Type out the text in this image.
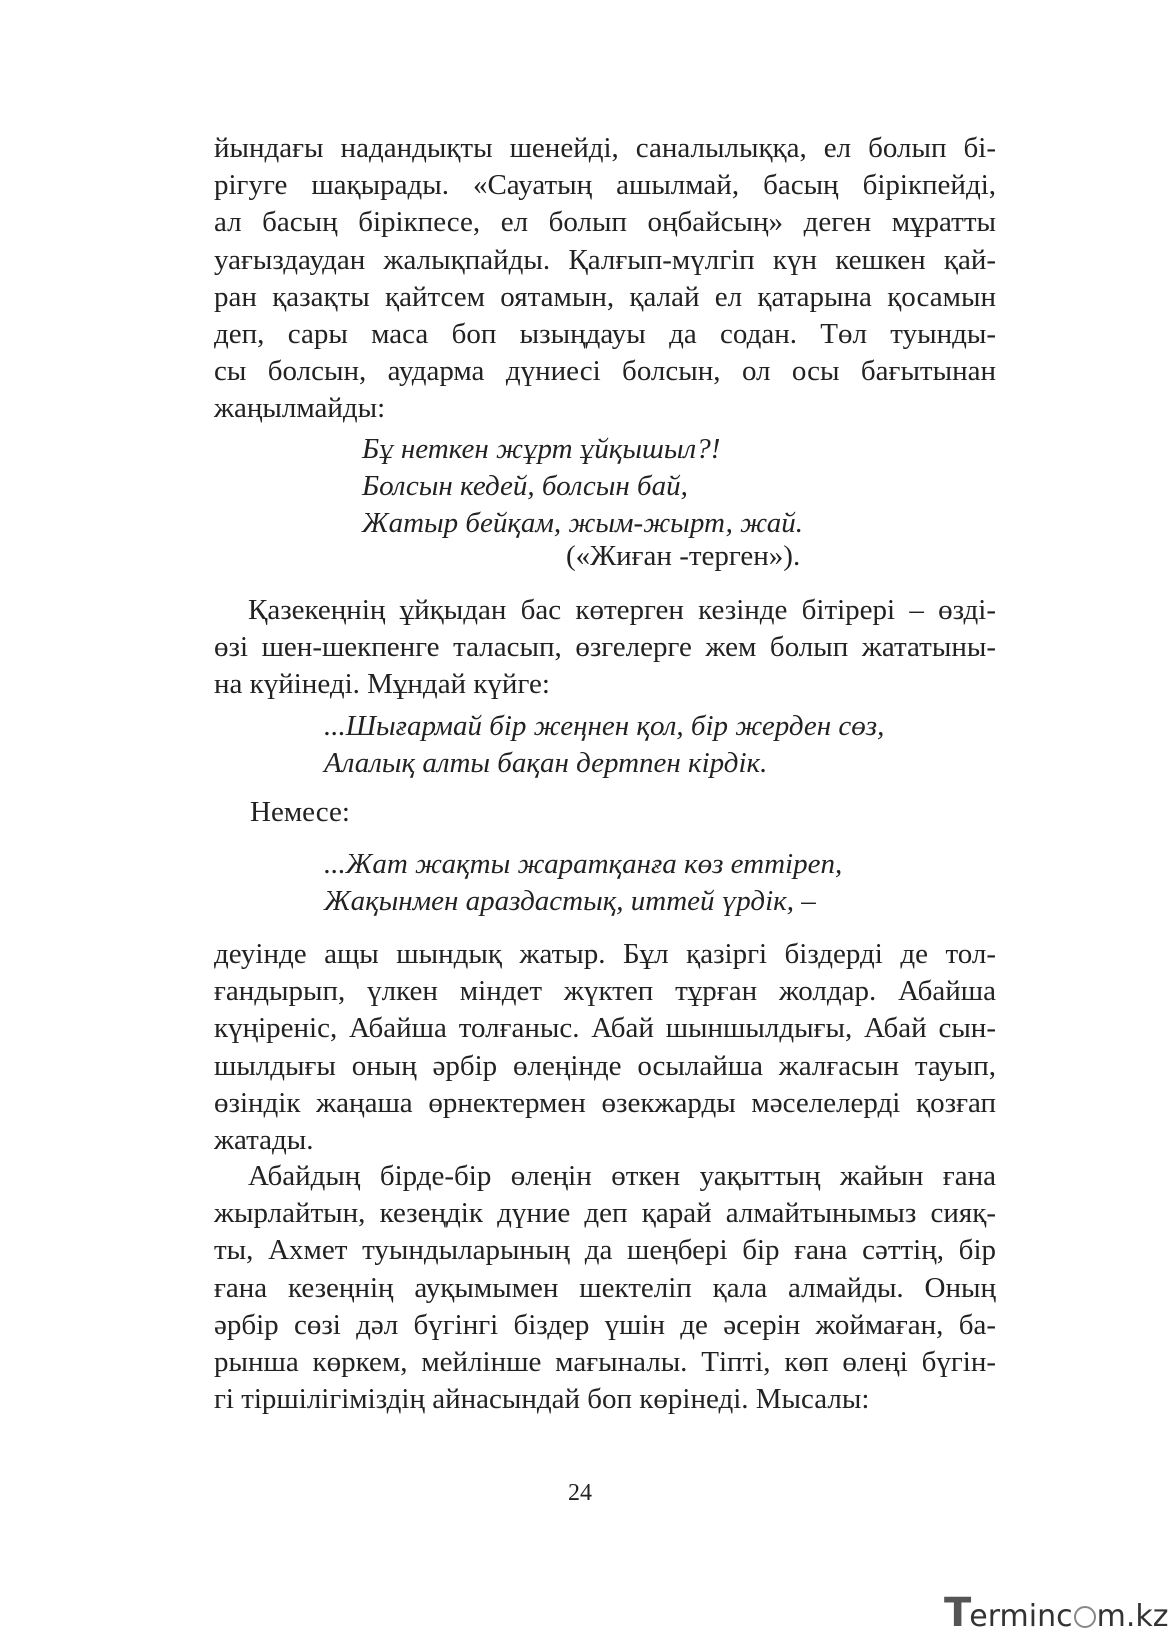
йындағы надандықты шенейді, саналылыққа, ел болып бі-
рігуге шақырады. «Сауатың ашылмай, басың бірікпейді,
ал басың бірікпесе, ел болып оңбайсың» деген мұратты
уағыздаудан жалықпайды. Қалғып-мүлгіп күн кешкен қай-
ран қазақты қайтсем оятамын, қалай ел қатарына қосамын
деп, сары маса боп ызыңдауы да содан. Төл туынды-
сы болсын, аударма дүниесі болсын, ол осы бағытынан
жаңылмайды:
Бұ неткен жұрт ұйқышыл?!
Болсын кедей, болсын бай,
Жатыр бейқам, жым-жырт, жай.
(«Жиған -терген»).
Қазекеңнің ұйқыдан бас көтерген кезінде бітірері – өзді-
өзі шен-шекпенге таласып, өзгелерге жем болып жататыны-
на күйінеді. Мұндай күйге:
...Шығармай бір жеңнен қол, бір жерден сөз,
Алалық алты бақан дертпен кірдік.
Немесе:
...Жат жақты жаратқанға көз еттіреп,
Жақынмен араздастық, иттей үрдік, –
деуінде ащы шындық жатыр. Бұл қазіргі біздерді де тол-
ғандырып, үлкен міндет жүктеп тұрған жолдар. Абайша
күңіреніс, Абайша толғаныс. Абай шыншылдығы, Абай сын-
шылдығы оның әрбір өлеңінде осылайша жалғасын тауып,
өзіндік жаңаша өрнектермен өзекжарды мәселелерді қозғап
жатады.
Абайдың бірде-бір өлеңін өткен уақыттың жайын ғана
жырлайтын, кезеңдік дүние деп қарай алмайтынымыз сияқ-
ты, Ахмет туындыларының да шеңбері бір ғана сәттің, бір
ғана кезеңнің ауқымымен шектеліп қала алмайды. Оның
әрбір сөзі дәл бүгінгі біздер үшін де әсерін жоймаған, ба-
рынша көркем, мейлінше мағыналы. Тіпті, көп өлеңі бүгін-
гі тіршілігіміздің айнасындай боп көрінеді. Мысалы:
24
T
erminc m.kz
